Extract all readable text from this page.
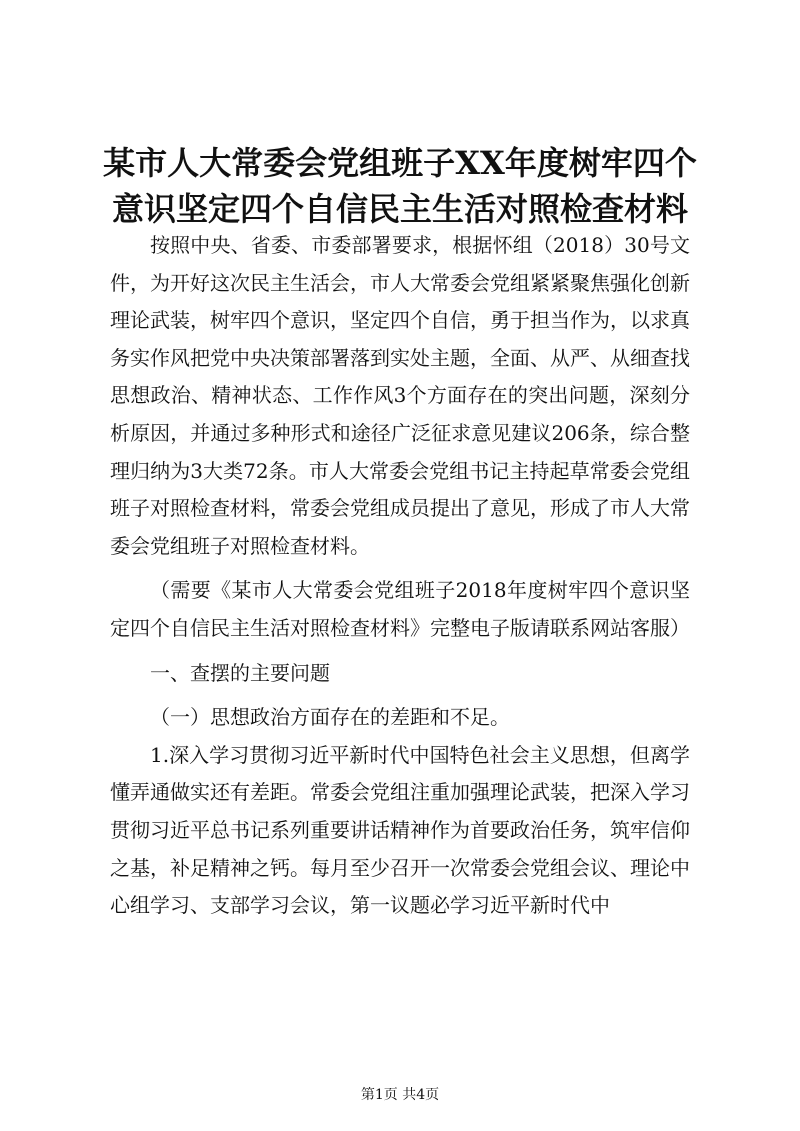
某市人大常委会党组班子XX年度树牢四个意识坚定四个自信民主生活对照检查材料

按照中央、省委、市委部署要求，根据怀组（2018）30号文件，为开好这次民主生活会，市人大常委会党组紧紧聚焦强化创新理论武装，树牢四个意识，坚定四个自信，勇于担当作为，以求真务实作风把党中央决策部署落到实处主题，全面、从严、从细查找思想政治、精神状态、工作作风3个方面存在的突出问题，深刻分析原因，并通过多种形式和途径广泛征求意见建议206条，综合整理归纳为3大类72条。市人大常委会党组书记主持起草常委会党组班子对照检查材料，常委会党组成员提出了意见，形成了市人大常委会党组班子对照检查材料。

（需要《某市人大常委会党组班子2018年度树牢四个意识坚定四个自信民主生活对照检查材料》完整电子版请联系网站客服）

一、查摆的主要问题

（一）思想政治方面存在的差距和不足。

1.深入学习贯彻习近平新时代中国特色社会主义思想，但离学懂弄通做实还有差距。常委会党组注重加强理论武装，把深入学习贯彻习近平总书记系列重要讲话精神作为首要政治任务，筑牢信仰之基，补足精神之钙。每月至少召开一次常委会党组会议、理论中心组学习、支部学习会议，第一议题必学习近平新时代中

第1页 共4页
